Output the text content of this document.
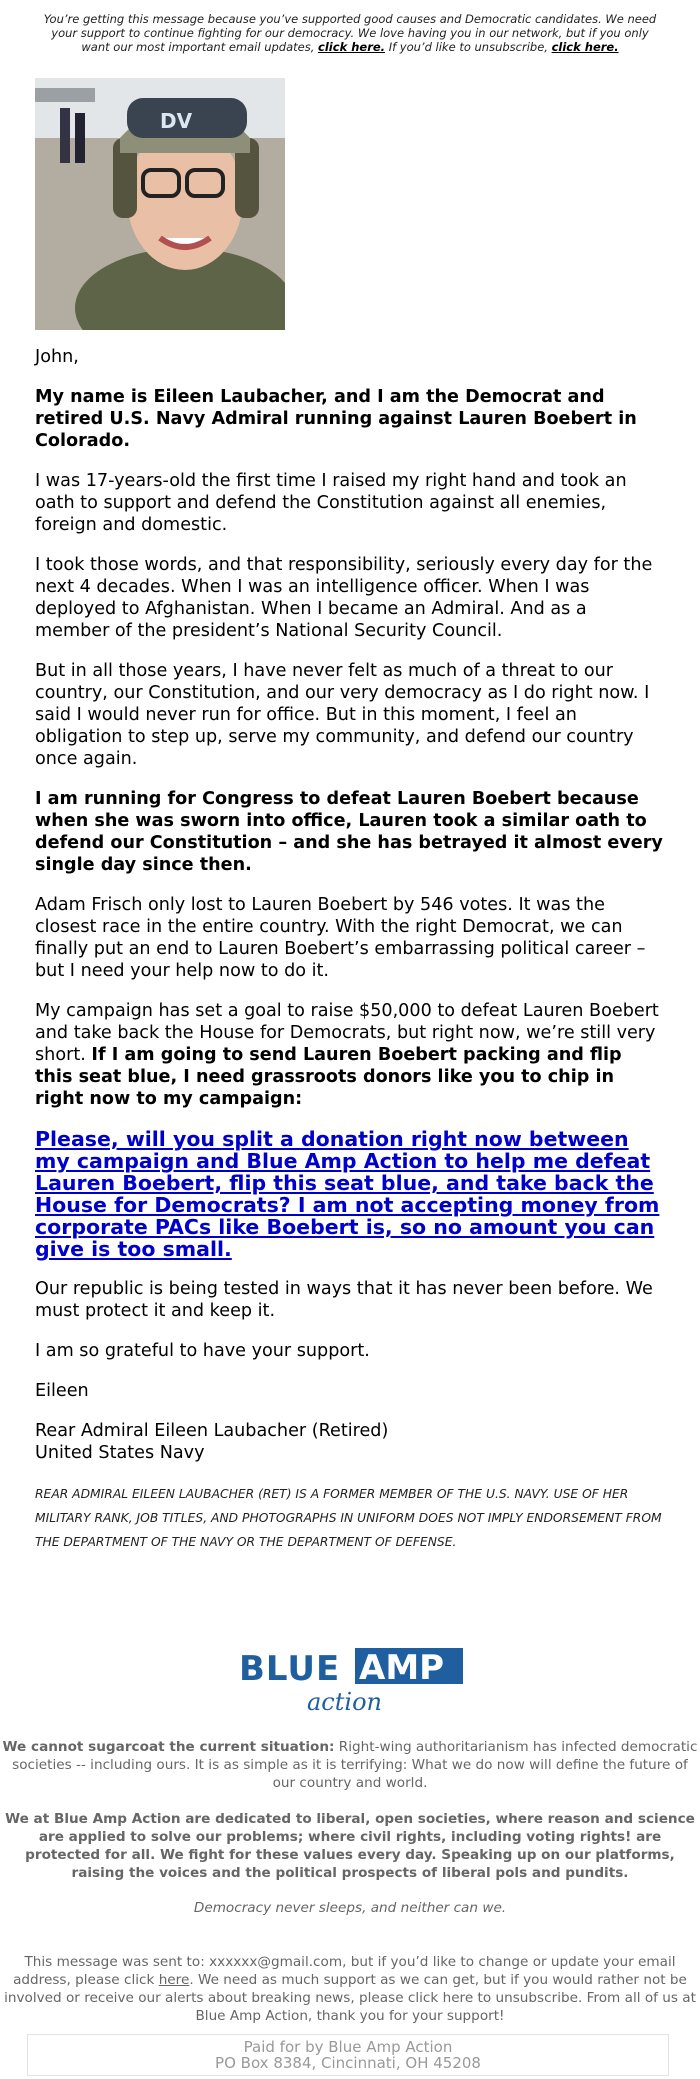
You’re getting this message because you’ve supported good causes and Democratic candidates. We need your support to continue fighting for our democracy. We love having you in our network, but if you only want our most important email updates, click here. If you’d like to unsubscribe, click here.
DV

John,

My name is Eileen Laubacher, and I am the Democrat and retired U.S. Navy Admiral running against Lauren Boebert in Colorado.

I was 17-years-old the first time I raised my right hand and took an oath to support and defend the Constitution against all enemies, foreign and domestic.

I took those words, and that responsibility, seriously every day for the next 4 decades. When I was an intelligence officer. When I was deployed to Afghanistan. When I became an Admiral. And as a member of the president’s National Security Council.

But in all those years, I have never felt as much of a threat to our country, our Constitution, and our very democracy as I do right now. I said I would never run for office. But in this moment, I feel an obligation to step up, serve my community, and defend our country once again.

I am running for Congress to defeat Lauren Boebert because when she was sworn into office, Lauren took a similar oath to defend our Constitution – and she has betrayed it almost every single day since then.

Adam Frisch only lost to Lauren Boebert by 546 votes. It was the closest race in the entire country. With the right Democrat, we can finally put an end to Lauren Boebert’s embarrassing political career – but I need your help now to do it.

My campaign has set a goal to raise $50,000 to defeat Lauren Boebert and take back the House for Democrats, but right now, we’re still very short. If I am going to send Lauren Boebert packing and flip this seat blue, I need grassroots donors like you to chip in right now to my campaign:

Please, will you split a donation right now between my campaign and Blue Amp Action to help me defeat Lauren Boebert, flip this seat blue, and take back the House for Democrats? I am not accepting money from corporate PACs like Boebert is, so no amount you can give is too small.

Our republic is being tested in ways that it has never been before. We must protect it and keep it.

I am so grateful to have your support.

Eileen

Rear Admiral Eileen Laubacher (Retired)
United States Navy

REAR ADMIRAL EILEEN LAUBACHER (RET) IS A FORMER MEMBER OF THE U.S. NAVY. USE OF HER MILITARY RANK, JOB TITLES, AND PHOTOGRAPHS IN UNIFORM DOES NOT IMPLY ENDORSEMENT FROM THE DEPARTMENT OF THE NAVY OR THE DEPARTMENT OF DEFENSE.

BLUE AMP
action
We cannot sugarcoat the current situation: Right-wing authoritarianism has infected democratic societies -- including ours. It is as simple as it is terrifying: What we do now will define the future of our country and world.
We at Blue Amp Action are dedicated to liberal, open societies, where reason and science are applied to solve our problems; where civil rights, including voting rights! are protected for all. We fight for these values every day. Speaking up on our platforms, raising the voices and the political prospects of liberal pols and pundits.
Democracy never sleeps, and neither can we.
This message was sent to: xxxxxx@gmail.com, but if you’d like to change or update your email address, please click here. We need as much support as we can get, but if you would rather not be involved or receive our alerts about breaking news, please click here to unsubscribe. From all of us at Blue Amp Action, thank you for your support!
Paid for by Blue Amp Action
PO Box 8384, Cincinnati, OH 45208
